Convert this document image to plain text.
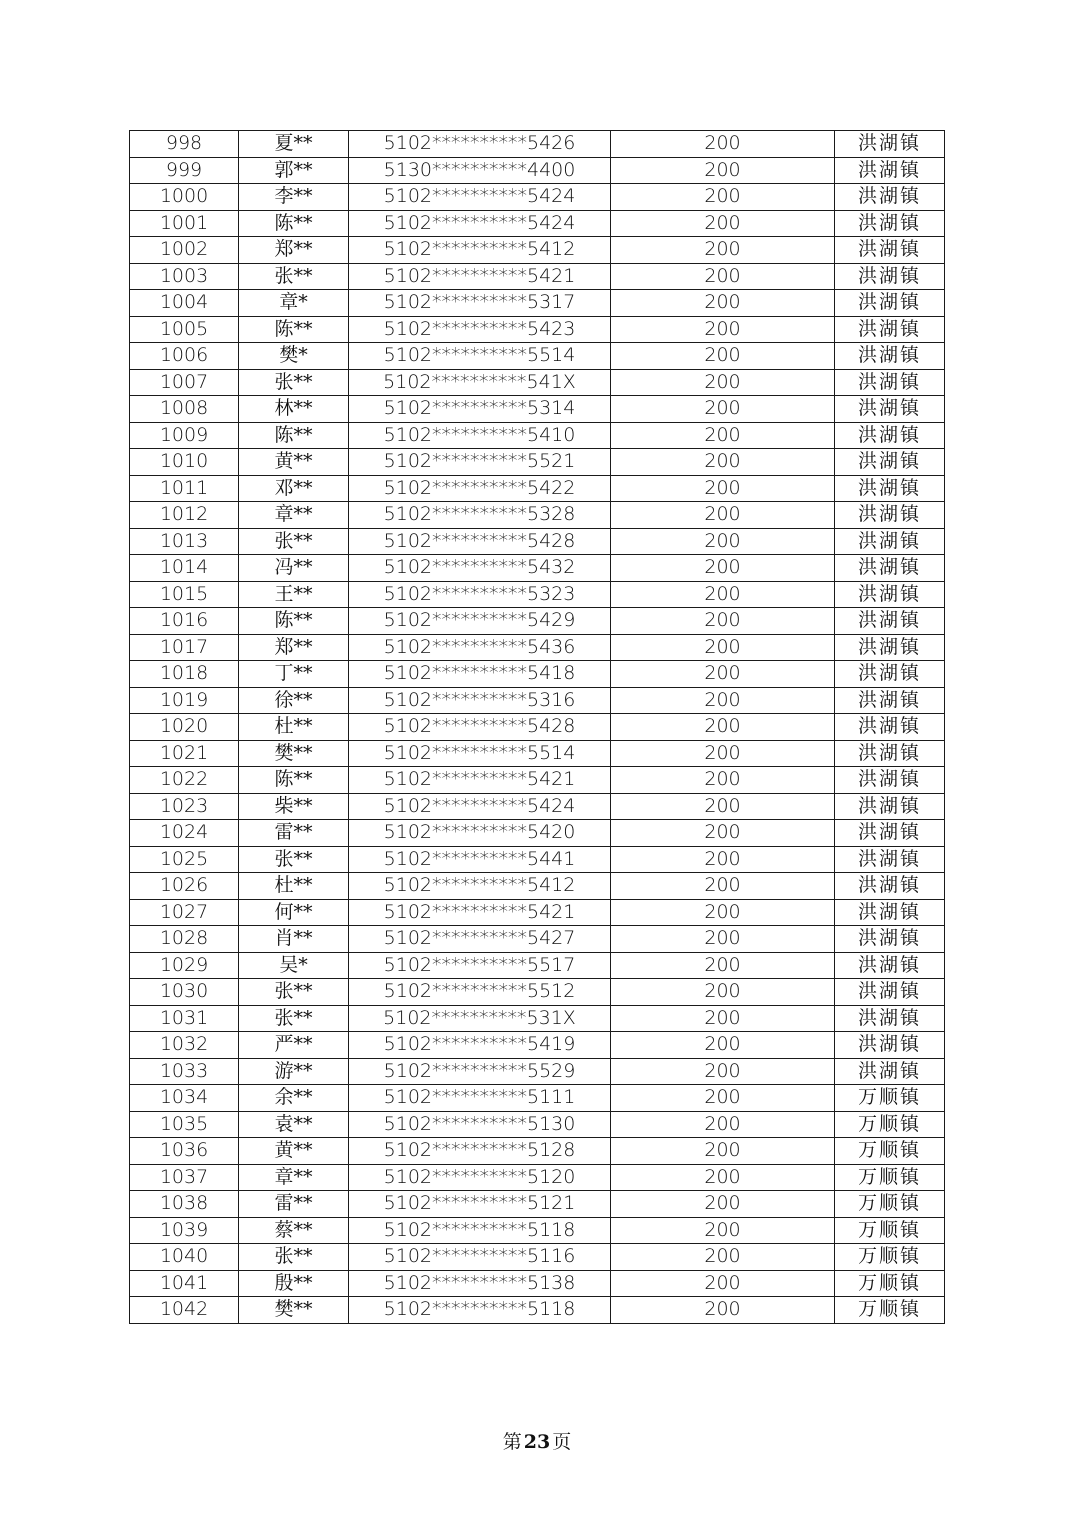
998	夏**	5102**********5426	200	洪湖镇
999	郭**	5130**********4400	200	洪湖镇
1000	李**	5102**********5424	200	洪湖镇
1001	陈**	5102**********5424	200	洪湖镇
1002	郑**	5102**********5412	200	洪湖镇
1003	张**	5102**********5421	200	洪湖镇
1004	章*	5102**********5317	200	洪湖镇
1005	陈**	5102**********5423	200	洪湖镇
1006	樊*	5102**********5514	200	洪湖镇
1007	张**	5102**********541X	200	洪湖镇
1008	林**	5102**********5314	200	洪湖镇
1009	陈**	5102**********5410	200	洪湖镇
1010	黄**	5102**********5521	200	洪湖镇
1011	邓**	5102**********5422	200	洪湖镇
1012	章**	5102**********5328	200	洪湖镇
1013	张**	5102**********5428	200	洪湖镇
1014	冯**	5102**********5432	200	洪湖镇
1015	王**	5102**********5323	200	洪湖镇
1016	陈**	5102**********5429	200	洪湖镇
1017	郑**	5102**********5436	200	洪湖镇
1018	丁**	5102**********5418	200	洪湖镇
1019	徐**	5102**********5316	200	洪湖镇
1020	杜**	5102**********5428	200	洪湖镇
1021	樊**	5102**********5514	200	洪湖镇
1022	陈**	5102**********5421	200	洪湖镇
1023	柴**	5102**********5424	200	洪湖镇
1024	雷**	5102**********5420	200	洪湖镇
1025	张**	5102**********5441	200	洪湖镇
1026	杜**	5102**********5412	200	洪湖镇
1027	何**	5102**********5421	200	洪湖镇
1028	肖**	5102**********5427	200	洪湖镇
1029	吴*	5102**********5517	200	洪湖镇
1030	张**	5102**********5512	200	洪湖镇
1031	张**	5102**********531X	200	洪湖镇
1032	严**	5102**********5419	200	洪湖镇
1033	游**	5102**********5529	200	洪湖镇
1034	余**	5102**********5111	200	万顺镇
1035	袁**	5102**********5130	200	万顺镇
1036	黄**	5102**********5128	200	万顺镇
1037	章**	5102**********5120	200	万顺镇
1038	雷**	5102**********5121	200	万顺镇
1039	蔡**	5102**********5118	200	万顺镇
1040	张**	5102**********5116	200	万顺镇
1041	殷**	5102**********5138	200	万顺镇
1042	樊**	5102**********5118	200	万顺镇
第 23 页
